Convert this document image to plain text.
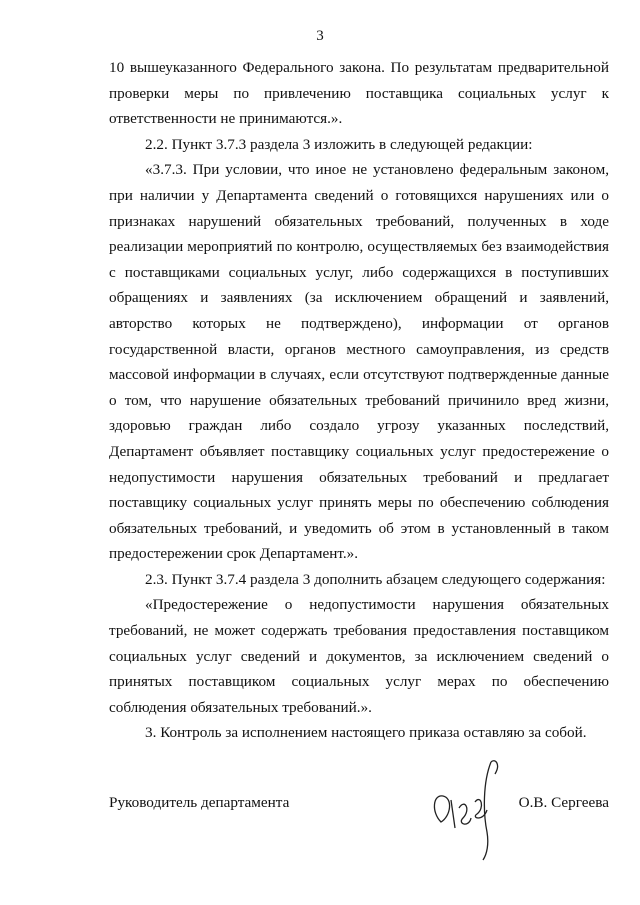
3

10 вышеуказанного Федерального закона. По результатам предварительной проверки меры по привлечению поставщика социальных услуг к ответственности не принимаются.».

2.2. Пункт 3.7.3 раздела 3 изложить в следующей редакции:

«3.7.3. При условии, что иное не установлено федеральным законом, при наличии у Департамента сведений о готовящихся нарушениях или о признаках нарушений обязательных требований, полученных в ходе реализации мероприятий по контролю, осуществляемых без взаимодействия с поставщиками социальных услуг, либо содержащихся в поступивших обращениях и заявлениях (за исключением обращений и заявлений, авторство которых не подтверждено), информации от органов государственной власти, органов местного самоуправления, из средств массовой информации в случаях, если отсутствуют подтвержденные данные о том, что нарушение обязательных требований причинило вред жизни, здоровью граждан либо создало угрозу указанных последствий, Департамент объявляет поставщику социальных услуг предостережение о недопустимости нарушения обязательных требований и предлагает поставщику социальных услуг принять меры по обеспечению соблюдения обязательных требований, и уведомить об этом в установленный в таком предостережении срок Департамент.».

2.3. Пункт 3.7.4 раздела 3 дополнить абзацем следующего содержания:

«Предостережение о недопустимости нарушения обязательных требований, не может содержать требования предоставления поставщиком социальных услуг сведений и документов, за исключением сведений о принятых поставщиком социальных услуг мерах по обеспечению соблюдения обязательных требований.».

3. Контроль за исполнением настоящего приказа оставляю за собой.

Руководитель департамента	О.В. Сергеева
